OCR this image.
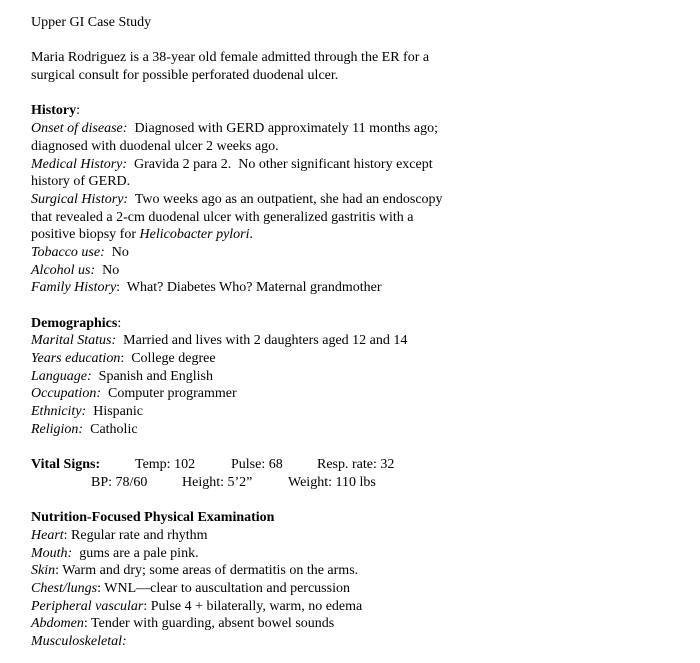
Upper GI Case Study
Maria Rodriguez is a 38-year old female admitted through the ER for a
surgical consult for possible perforated duodenal ulcer.
History:
Onset of disease:  Diagnosed with GERD approximately 11 months ago;
diagnosed with duodenal ulcer 2 weeks ago.
Medical History:  Gravida 2 para 2.  No other significant history except
history of GERD.
Surgical History:  Two weeks ago as an outpatient, she had an endoscopy
that revealed a 2-cm duodenal ulcer with generalized gastritis with a
positive biopsy for Helicobacter pylori.
Tobacco use:  No
Alcohol us:  No
Family History:  What? Diabetes Who? Maternal grandmother
Demographics:
Marital Status:  Married and lives with 2 daughters aged 12 and 14
Years education:  College degree
Language:  Spanish and English
Occupation:  Computer programmer
Ethnicity:  Hispanic
Religion:  Catholic

Vital Signs:

Temp: 102

	Pulse: 68

Resp. rate: 32

BP: 78/60

Height: 5’2”

	Weight: 110 lbs

Nutrition-Focused Physical Examination
Heart: Regular rate and rhythm
Mouth:  gums are a pale pink.
Skin: Warm and dry; some areas of dermatitis on the arms.
Chest/lungs: WNL—clear to auscultation and percussion
Peripheral vascular: Pulse 4 + bilaterally, warm, no edema
Abdomen: Tender with guarding, absent bowel sounds
Musculoskeletal:
